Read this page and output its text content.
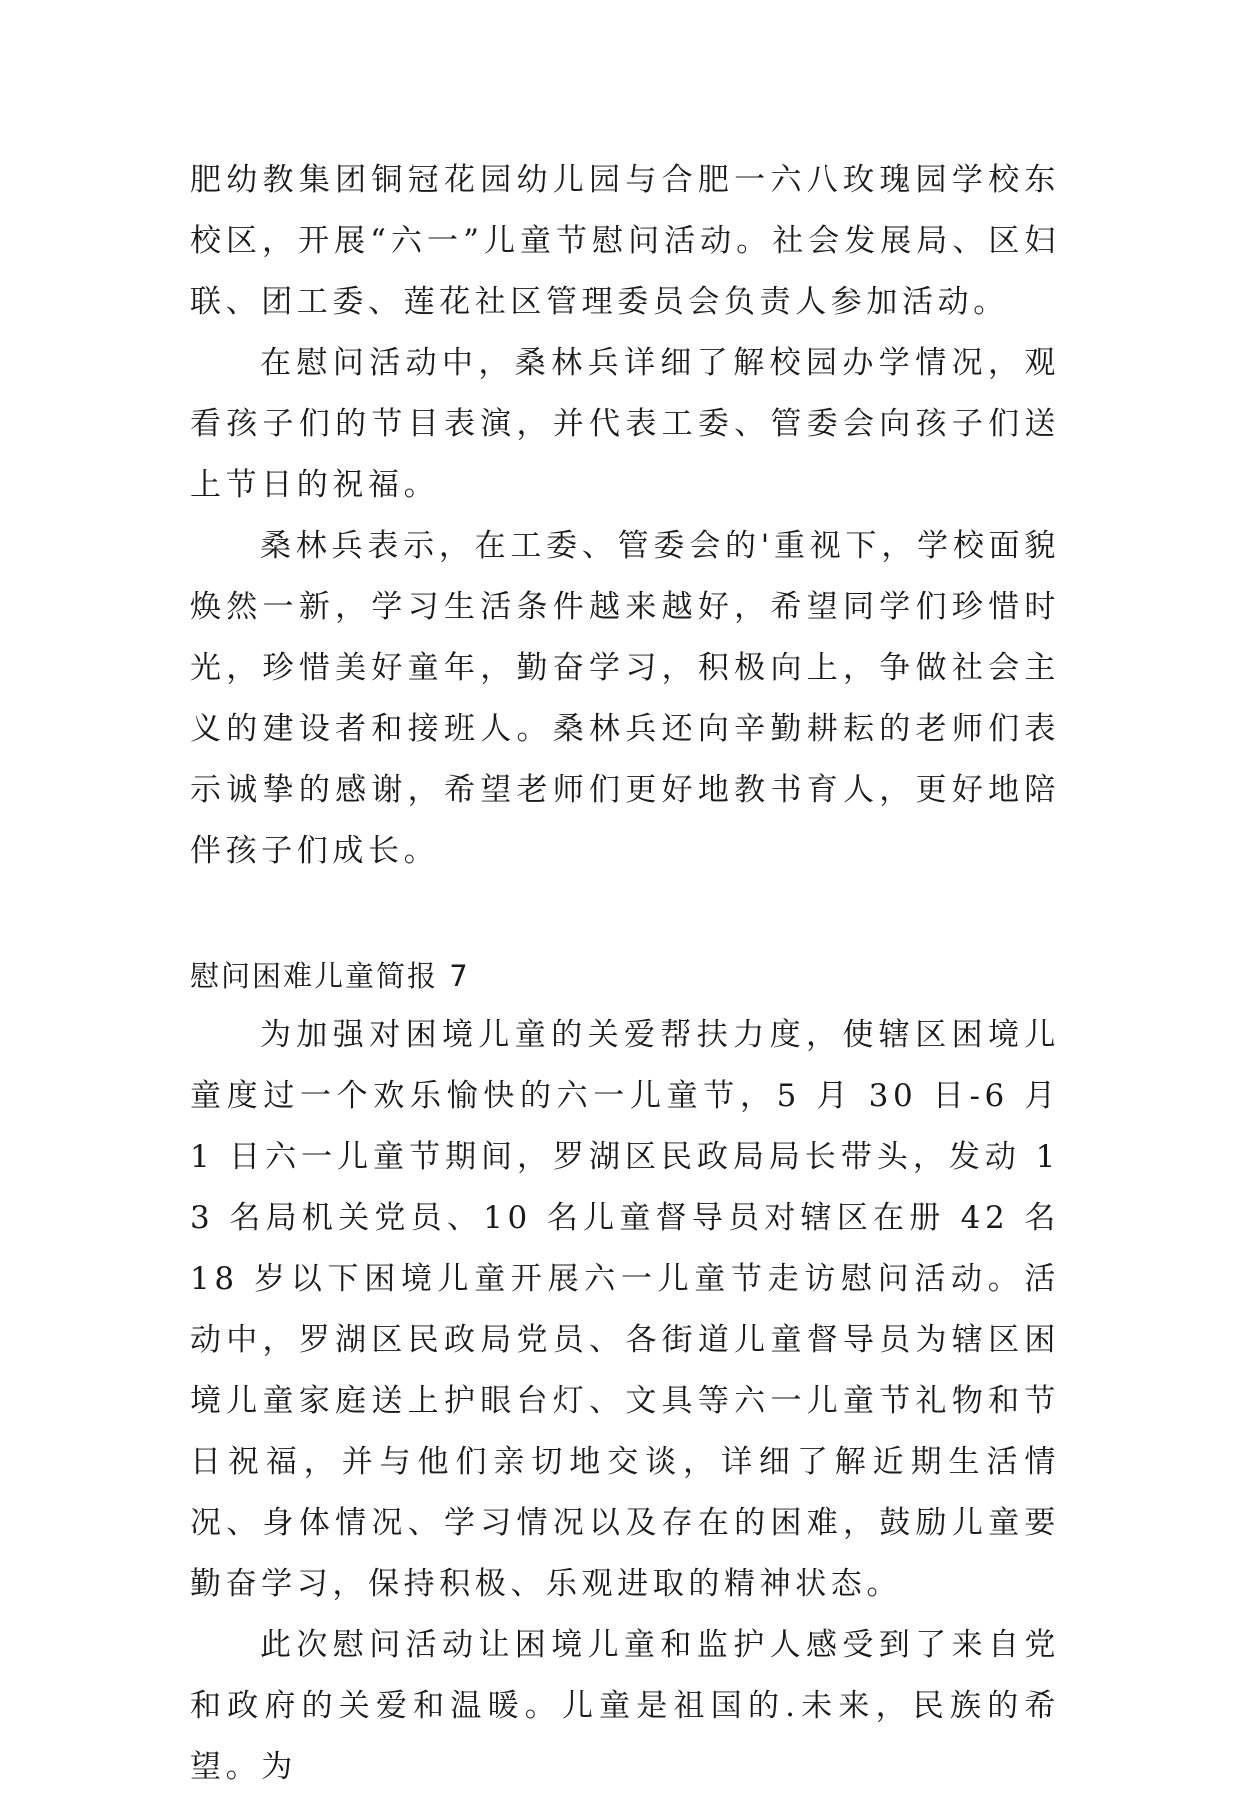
肥幼教集团铜冠花园幼儿园与合肥一六八玫瑰园学校东校区，开展“六一”儿童节慰问活动。社会发展局、区妇联、团工委、莲花社区管理委员会负责人参加活动。

在慰问活动中，桑林兵详细了解校园办学情况，观看孩子们的节目表演，并代表工委、管委会向孩子们送上节日的祝福。

桑林兵表示，在工委、管委会的'重视下，学校面貌焕然一新，学习生活条件越来越好，希望同学们珍惜时光，珍惜美好童年，勤奋学习，积极向上，争做社会主义的建设者和接班人。桑林兵还向辛勤耕耘的老师们表示诚挚的感谢，希望老师们更好地教书育人，更好地陪伴孩子们成长。

慰问困难儿童简报 7

为加强对困境儿童的关爱帮扶力度，使辖区困境儿童度过一个欢乐愉快的六一儿童节，5 月 30 日-6 月 1 日六一儿童节期间，罗湖区民政局局长带头，发动 13 名局机关党员、10 名儿童督导员对辖区在册 42 名 18 岁以下困境儿童开展六一儿童节走访慰问活动。活动中，罗湖区民政局党员、各街道儿童督导员为辖区困境儿童家庭送上护眼台灯、文具等六一儿童节礼物和节日祝福，并与他们亲切地交谈，详细了解近期生活情况、身体情况、学习情况以及存在的困难，鼓励儿童要勤奋学习，保持积极、乐观进取的精神状态。

此次慰问活动让困境儿童和监护人感受到了来自党和政府的关爱和温暖。儿童是祖国的.未来，民族的希望。为
